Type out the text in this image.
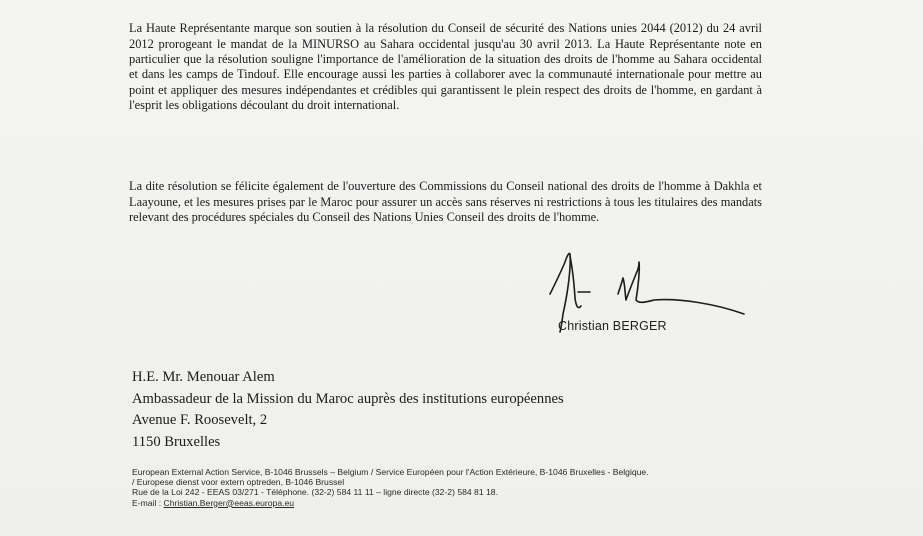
La Haute Représentante marque son soutien à la résolution du Conseil de sécurité des Nations unies 2044 (2012) du 24 avril 2012 prorogeant le mandat de la MINURSO au Sahara occidental jusqu'au 30 avril 2013. La Haute Représentante note en particulier que la résolution souligne l'importance de l'amélioration de la situation des droits de l'homme au Sahara occidental et dans les camps de Tindouf. Elle encourage aussi les parties à collaborer avec la communauté internationale pour mettre au point et appliquer des mesures indépendantes et crédibles qui garantissent le plein respect des droits de l'homme, en gardant à l'esprit les obligations découlant du droit international.

La dite résolution se félicite également de l'ouverture des Commissions du Conseil national des droits de l'homme à Dakhla et Laayoune, et les mesures prises par le Maroc pour assurer un accès sans réserves ni restrictions à tous les titulaires des mandats relevant des procédures spéciales du Conseil des Nations Unies Conseil des droits de l'homme.

Christian BERGER
H.E. Mr. Menouar Alem
Ambassadeur de la Mission du Maroc auprès des institutions européennes
Avenue F. Roosevelt, 2
1150 Bruxelles
European External Action Service, B-1046 Brussels – Belgium / Service Européen pour l'Action Extérieure, B-1046 Bruxelles - Belgique.
/ Europese dienst voor extern optreden, B-1046 Brussel
Rue de la Loi 242 - EEAS 03/271 - Téléphone. (32-2) 584 11 11 – ligne directe (32-2) 584 81 18.
E-mail : Christian.Berger@eeas.europa.eu
